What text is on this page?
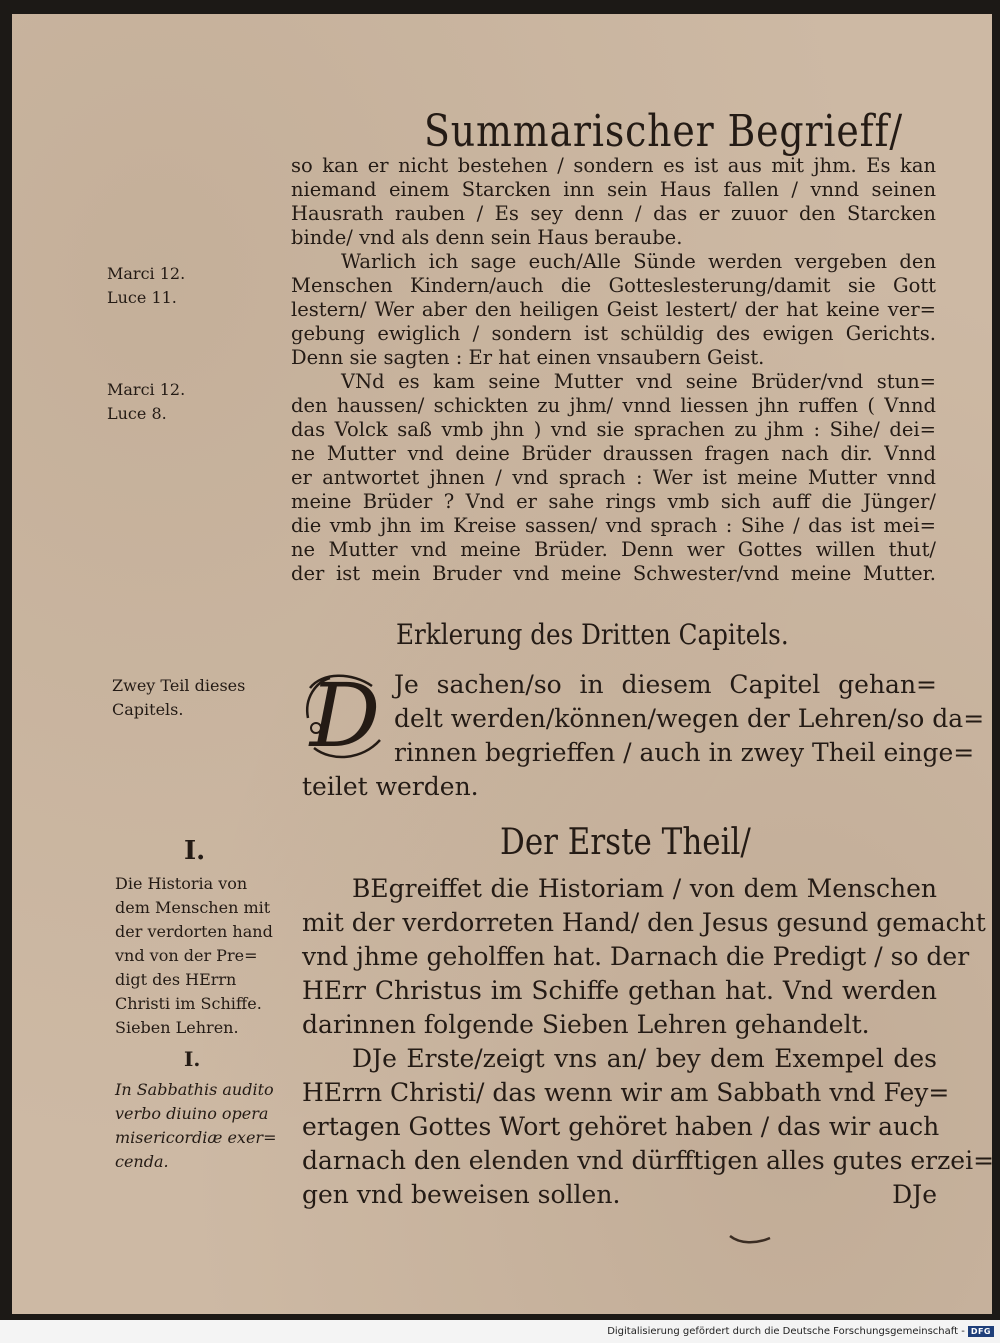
Summarischer Begrieff/
so kan er nicht bestehen / sondern es ist aus mit jhm. Es kan
niemand einem Starcken inn sein Haus fallen / vnnd seinen
Hausrath rauben / Es sey denn / das er zuuor den Starcken
binde/ vnd als denn sein Haus beraube.
Warlich ich sage euch/Alle Sünde werden vergeben den
Menschen Kindern/auch die Gotteslesterung/damit sie Gott
lestern/ Wer aber den heiligen Geist lestert/ der hat keine ver=
gebung ewiglich / sondern ist schüldig des ewigen Gerichts.
Denn sie sagten : Er hat einen vnsaubern Geist.
VNd es kam seine Mutter vnd seine Brüder/vnd stun=
den haussen/ schickten zu jhm/ vnnd liessen jhn ruffen ( Vnnd
das Volck saß vmb jhn ) vnd sie sprachen zu jhm : Sihe/ dei=
ne Mutter vnd deine Brüder draussen fragen nach dir. Vnnd
er antwortet jhnen / vnd sprach : Wer ist meine Mutter vnnd
meine Brüder ? Vnd er sahe rings vmb sich auff die Jünger/
die vmb jhn im Kreise sassen/ vnd sprach : Sihe / das ist mei=
ne Mutter vnd meine Brüder. Denn wer Gottes willen thut/
der ist mein Bruder vnd meine Schwester/vnd meine Mutter.
Erklerung des Dritten Capitels.
D Je sachen/so in diesem Capitel gehan=
delt werden/können/wegen der Lehren/so da=
rinnen begrieffen / auch in zwey Theil einge=
teilet werden.
Der Erste Theil/
BEgreiffet die Historiam / von dem Menschen
mit der verdorreten Hand/ den Jesus gesund gemacht
vnd jhme geholffen hat. Darnach die Predigt / so der
HErr Christus im Schiffe gethan hat. Vnd werden
darinnen folgende Sieben Lehren gehandelt.
DJe Erste/zeigt vns an/ bey dem Exempel des
HErrn Christi/ das wenn wir am Sabbath vnd Fey=
ertagen Gottes Wort gehöret haben / das wir auch
darnach den elenden vnd dürfftigen alles gutes erzei=
gen vnd beweisen sollen.	DJe
Marci 12.
Luce 11.
Marci 12.
Luce 8.
Zwey Teil dieses
Capitels.
I.
Die Historia von
dem Menschen mit
der verdorten hand
vnd von der Pre=
digt des HErrn
Christi im Schiffe.
Sieben Lehren.
I.
In Sabbathis audito
verbo diuino opera
misericordiæ exer=
cenda.
Digitalisierung gefördert durch die Deutsche Forschungsgemeinschaft - DFG
